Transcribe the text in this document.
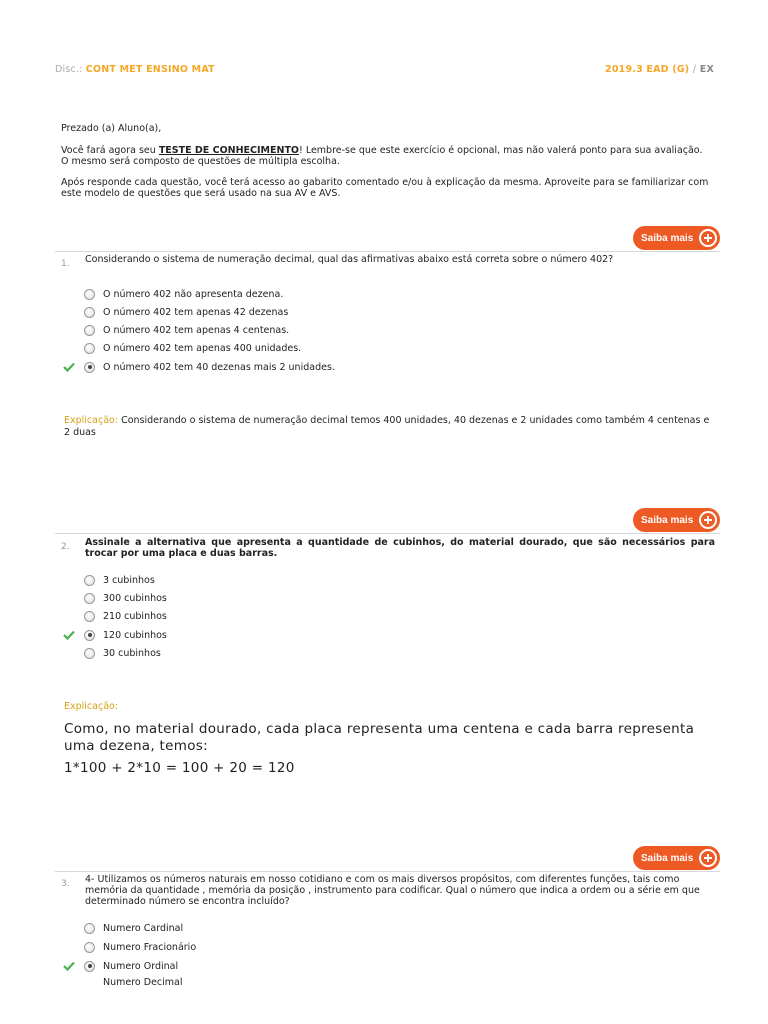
Disc.: CONT MET ENSINO MAT	2019.3 EAD (G) / EX
Prezado (a) Aluno(a),
Você fará agora seu TESTE DE CONHECIMENTO! Lembre-se que este exercício é opcional, mas não valerá ponto para sua avaliação. O mesmo será composto de questões de múltipla escolha.
Após responde cada questão, você terá acesso ao gabarito comentado e/ou à explicação da mesma. Aproveite para se familiarizar com este modelo de questões que será usado na sua AV e AVS.
Saiba mais
1. Considerando o sistema de numeração decimal, qual das afirmativas abaixo está correta sobre o número 402?
O número 402 não apresenta dezena.
O número 402 tem apenas 42 dezenas
O número 402 tem apenas 4 centenas.
O número 402 tem apenas 400 unidades.
O número 402 tem 40 dezenas mais 2 unidades.
Explicação: Considerando o sistema de numeração decimal temos 400 unidades, 40 dezenas e 2 unidades como também 4 centenas e 2 duas
Saiba mais
2. Assinale a alternativa que apresenta a quantidade de cubinhos, do material dourado, que são necessários para trocar por uma placa e duas barras.
3 cubinhos
300 cubinhos
210 cubinhos
120 cubinhos
30 cubinhos
Explicação:
Como, no material dourado, cada placa representa uma centena e cada barra representa uma dezena, temos:
1*100 + 2*10 = 100 + 20 = 120
Saiba mais
3. 4- Utilizamos os números naturais em nosso cotidiano e com os mais diversos propósitos, com diferentes funções, tais como memória da quantidade , memória da posição , instrumento para codificar. Qual o número que indica a ordem ou a série em que determinado número se encontra incluído?
Numero Cardinal
Numero Fracionário
Numero Ordinal
Numero Decimal
